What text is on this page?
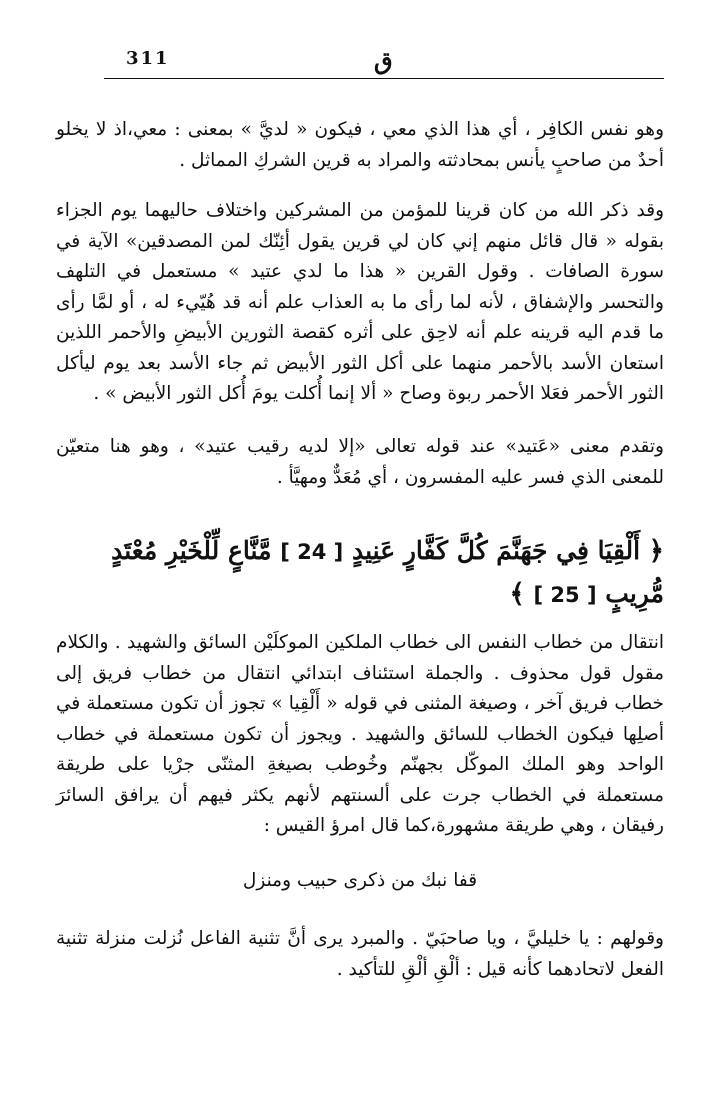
311	ق

وهو نفس الكافِر ، أي هذا الذي معي ، فيكون « لديَّ » بمعنى : معي،اذ لا يخلو أحدٌ من صاحبٍ يأنس بمحادثته والمراد به قرين الشركِ المماثل .

وقد ذكر الله من كان قرينا للمؤمن من المشركين واختلاف حاليهما يوم الجزاء بقوله « قال قائل منهم إني كان لي قرين يقول أئِنّك لمن المصدقين» الآية في سورة الصافات . وقول القرين « هذا ما لدي عتيد » مستعمل في التلهف والتحسر والإشفاق ، لأنه لما رأى ما به العذاب علم أنه قد هُيّيء له ، أو لمَّا رأى ما قدم اليه قرينه علم أنه لاحِق على أثره كقصة الثورين الأبيضِ والأحمر اللذين استعان الأسد بالأحمر منهما على أكل الثور الأبيض ثم جاء الأسد بعد يوم ليأكل الثور الأحمر فعَلا الأحمر ربوة وصاح « ألا إنما أُكلت يومَ أُكل الثور الأبيض » .

وتقدم معنى «عَتيد» عند قوله تعالى «إلا لديه رقيب عتيد» ، وهو هنا متعيّن للمعنى الذي فسر عليه المفسرون ، أي مُعَدٌّ ومهيَّأ .

﴿ أَلْقِيَا فِي جَهَنَّمَ كُلَّ كَفَّارٍ عَنِيدٍ [ 24 ] مَّنَّاعٍ لِّلْخَيْرِ مُعْتَدٍ مُّرِيبٍ [ 25 ] ﴾

انتقال من خطاب النفس الى خطاب الملكين الموكلَيْن السائق والشهيد . والكلام مقول قول محذوف . والجملة استئناف ابتدائي انتقال من خطاب فريق إلى خطاب فريق آخر ، وصيغة المثنى في قوله « أَلْقِيا » تجوز أن تكون مستعملة في أصلِها فيكون الخطاب للسائق والشهيد . ويجوز أن تكون مستعملة في خطاب الواحد وهو الملك الموكّل بجهنّم وخُوطب بصيغةِ المثنّى جرْيا على طريقة مستعملة في الخطاب جرت على ألسنتهم لأنهم يكثر فيهم أن يرافق السائرَ رفيقان ، وهي طريقة مشهورة،كما قال امرؤ القيس :

قفا نبك من ذكرى حبيب ومنزل

وقولهم : يا خليليَّ ، ويا صاحبَيّ . والمبرد يرى أنَّ تثنية الفاعل نُزلت منزلة تثنية الفعل لاتحادهما كأنه قيل : ألْقِ ألْقِ للتأكيد .
